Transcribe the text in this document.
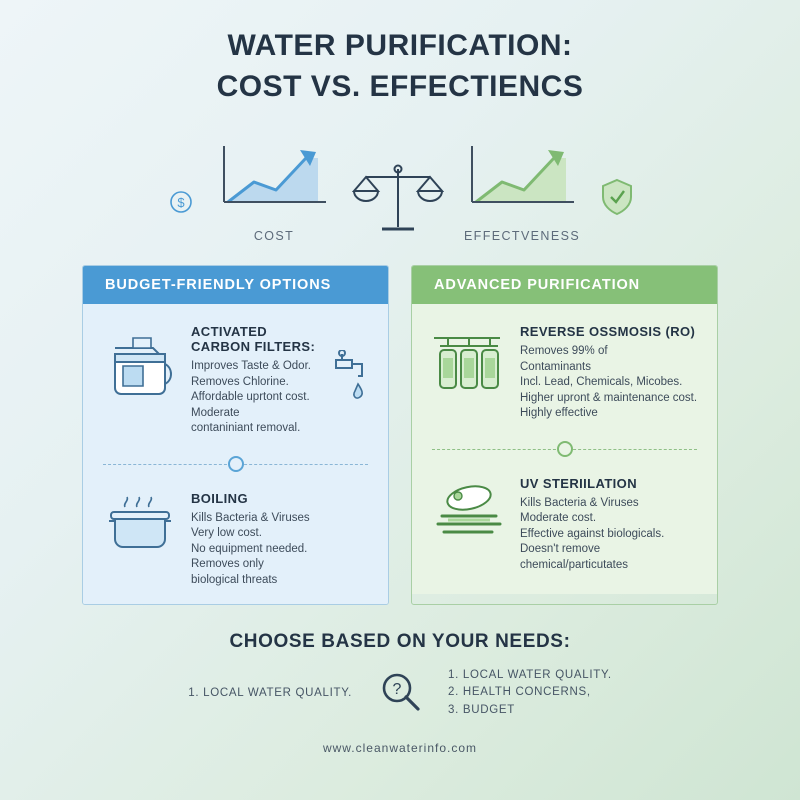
WATER PURIFICATION:
COST VS. EFFECTIENCS
$
COST	EFFECTVENESS
BUDGET-FRIENDLY OPTIONS
ACTIVATED CARBON FILTERS:
Improves Taste & Odor.
Removes Chlorine.
Affordable uprtont cost.
Moderate
contaniniant removal.
BOILING
Kills Bacteria & Viruses
Very low cost.
No equipment needed.
Removes only
biological threats
ADVANCED PURIFICATION
REVERSE OSSMOSIS (RO)
Removes 99% of
Contaminants
Incl. Lead, Chemicals, Micobes.
Higher upront & maintenance cost.
Highly effective
UV STERIILATION
Kills Bacteria & Viruses
Moderate cost.
Effective against biologicals.
Doesn't remove
chemical/particutates
CHOOSE BASED ON YOUR NEEDS:
1. LOCAL WATER QUALITY.	?
1. LOCAL WATER QUALITY.
2. HEALTH CONCERNS,
3. BUDGET
www.cleanwaterinfo.com
